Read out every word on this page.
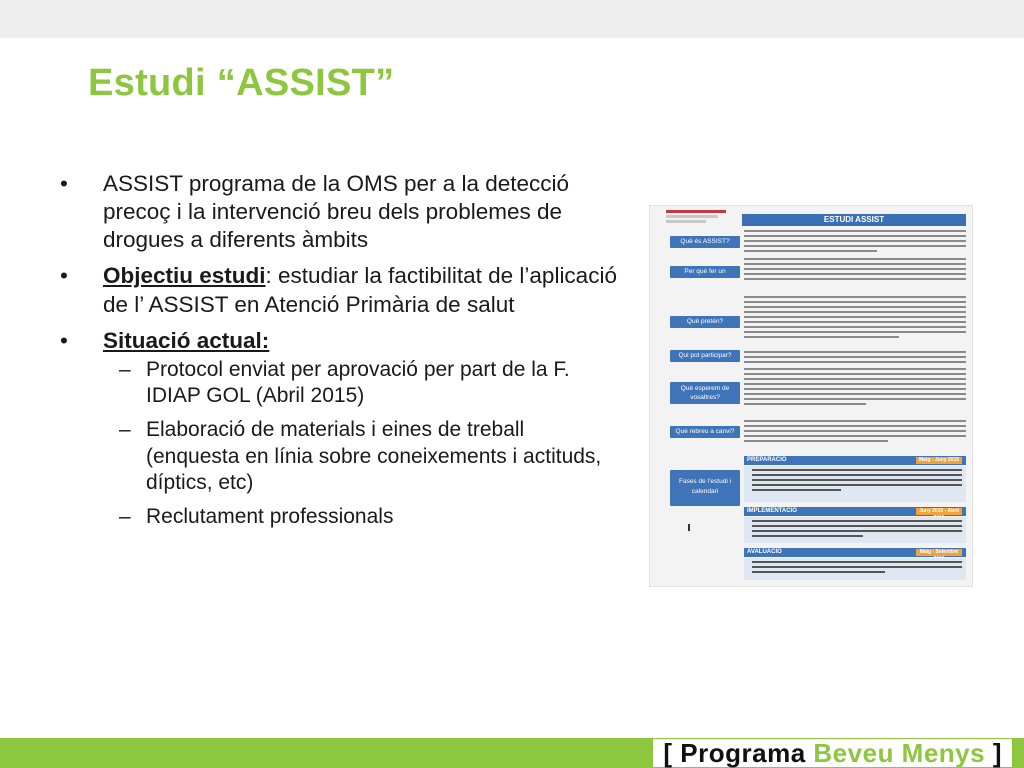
Estudi “ASSIST”
• ASSIST programa de la OMS per a la detecció precoç i la intervenció breu dels problemes de drogues a diferents àmbits
• Objectiu estudi: estudiar la factibilitat de l’aplicació de l’ ASSIST en Atenció Primària de salut
• Situació actual:
– Protocol enviat per aprovació per part de la F. IDIAP GOL (Abril 2015)
– Elaboració de materials i eines de treball (enquesta en línia sobre coneixements i actituds, díptics, etc)
– Reclutament professionals
ESTUDI ASSIST
Què és ASSIST?
Per què fer un
Què pretén?
Qui pot participar?
Què esperem de vosaltres?
Què rebreu a canvi?
Fases de l’estudi i calendari
PREPARACIÓ	Maig - Juny 2015
IMPLEMENTACIÓ	Juny 2015 - Abril
AVALUACIÓ	Maig - Setembre
[ Programa Beveu Menys ]
